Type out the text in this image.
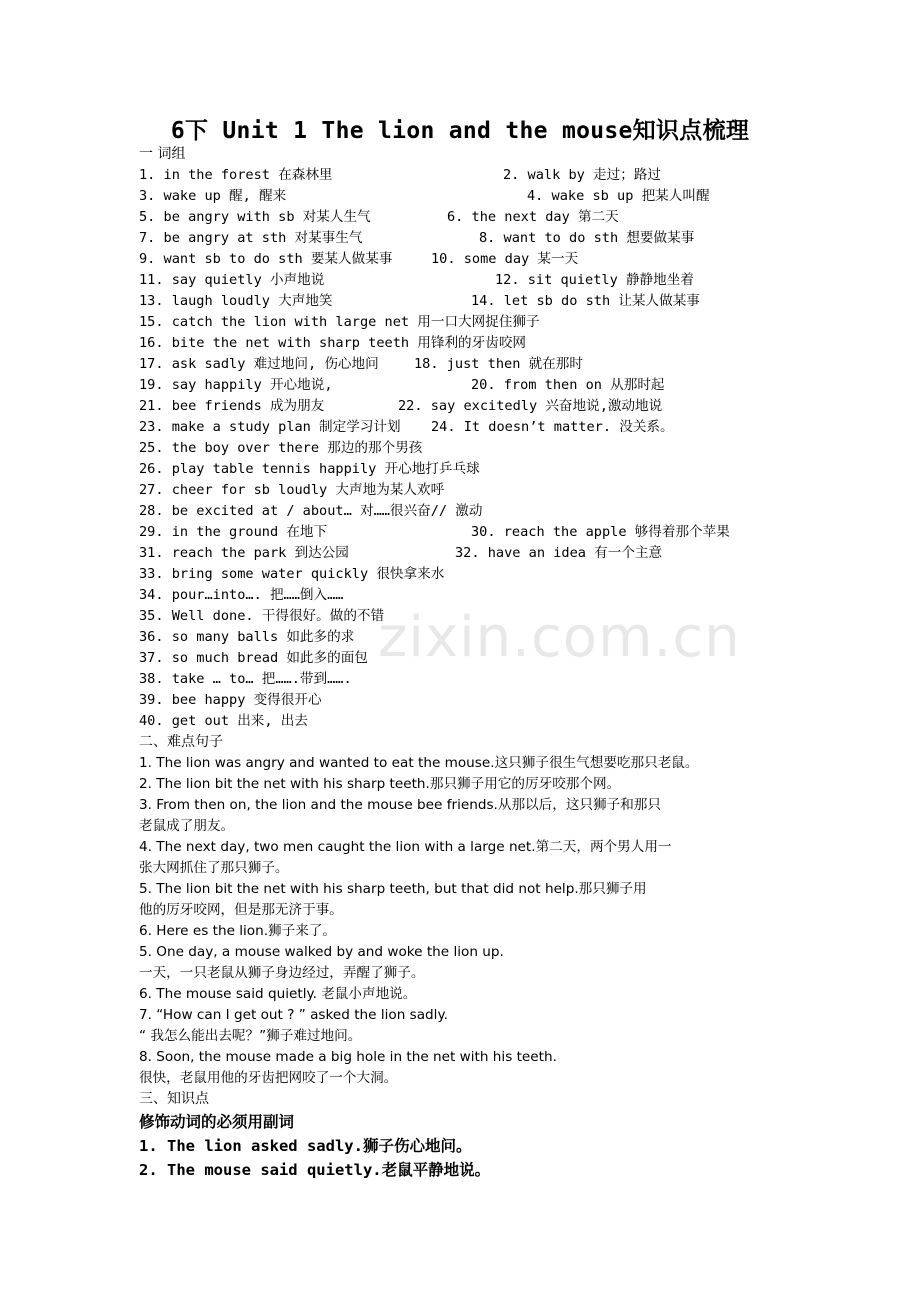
6下 Unit 1 The lion and the mouse知识点梳理
一 词组
1. in the forest 在森林里	2. walk by 走过；路过
3. wake up 醒, 醒来	4. wake sb up 把某人叫醒
5. be angry with sb 对某人生气	6. the next day 第二天
7. be angry at sth 对某事生气	8. want to do sth 想要做某事
9. want sb to do sth 要某人做某事	10. some day 某一天
11. say quietly 小声地说	12. sit quietly 静静地坐着
13. laugh loudly 大声地笑	14. let sb do sth 让某人做某事
15. catch the lion with large net 用一口大网捉住狮子
16. bite the net with sharp teeth 用锋利的牙齿咬网
17. ask sadly 难过地问, 伤心地问	18. just then 就在那时
19. say happily 开心地说,	20. from then on 从那时起
21. bee friends 成为朋友	22. say excitedly 兴奋地说,激动地说
23. make a study plan 制定学习计划 24. It doesn’t matter. 没关系。
25. the boy over there 那边的那个男孩
26. play table tennis happily 开心地打乒乓球
27. cheer for sb loudly 大声地为某人欢呼
28. be excited at / about… 对……很兴奋// 激动
29. in the ground 在地下	30. reach the apple 够得着那个苹果
31. reach the park 到达公园	32. have an idea 有一个主意
33. bring some water quickly 很快拿来水
34. pour…into…. 把……倒入……
35. Well done. 干得很好。做的不错
36. so many balls 如此多的求
37. so much bread 如此多的面包
38. take … to… 把…….带到…….
39. bee happy 变得很开心
40. get out 出来, 出去
二、难点句子
1. The lion was angry and wanted to eat the mouse.这只狮子很生气想要吃那只老鼠。
2. The lion bit the net with his sharp teeth.那只狮子用它的厉牙咬那个网。
3. From then on, the lion and the mouse bee friends.从那以后，这只狮子和那只
老鼠成了朋友。
4. The next day, two men caught the lion with a large net.第二天，两个男人用一
张大网抓住了那只狮子。
5. The lion bit the net with his sharp teeth, but that did not help.那只狮子用
他的厉牙咬网，但是那无济于事。
6. Here es the lion.狮子来了。
5. One day, a mouse walked by and woke the lion up.
一天，一只老鼠从狮子身边经过，弄醒了狮子。
6. The mouse said quietly. 老鼠小声地说。
7. “How can I get out ? ” asked the lion sadly.
“ 我怎么能出去呢？”狮子难过地问。
8. Soon, the mouse made a big hole in the net with his teeth.
很快，老鼠用他的牙齿把网咬了一个大洞。
三、知识点
修饰动词的必须用副词
1. The lion asked sadly.狮子伤心地问。
2. The mouse said quietly.老鼠平静地说。
zixin.com.cn
